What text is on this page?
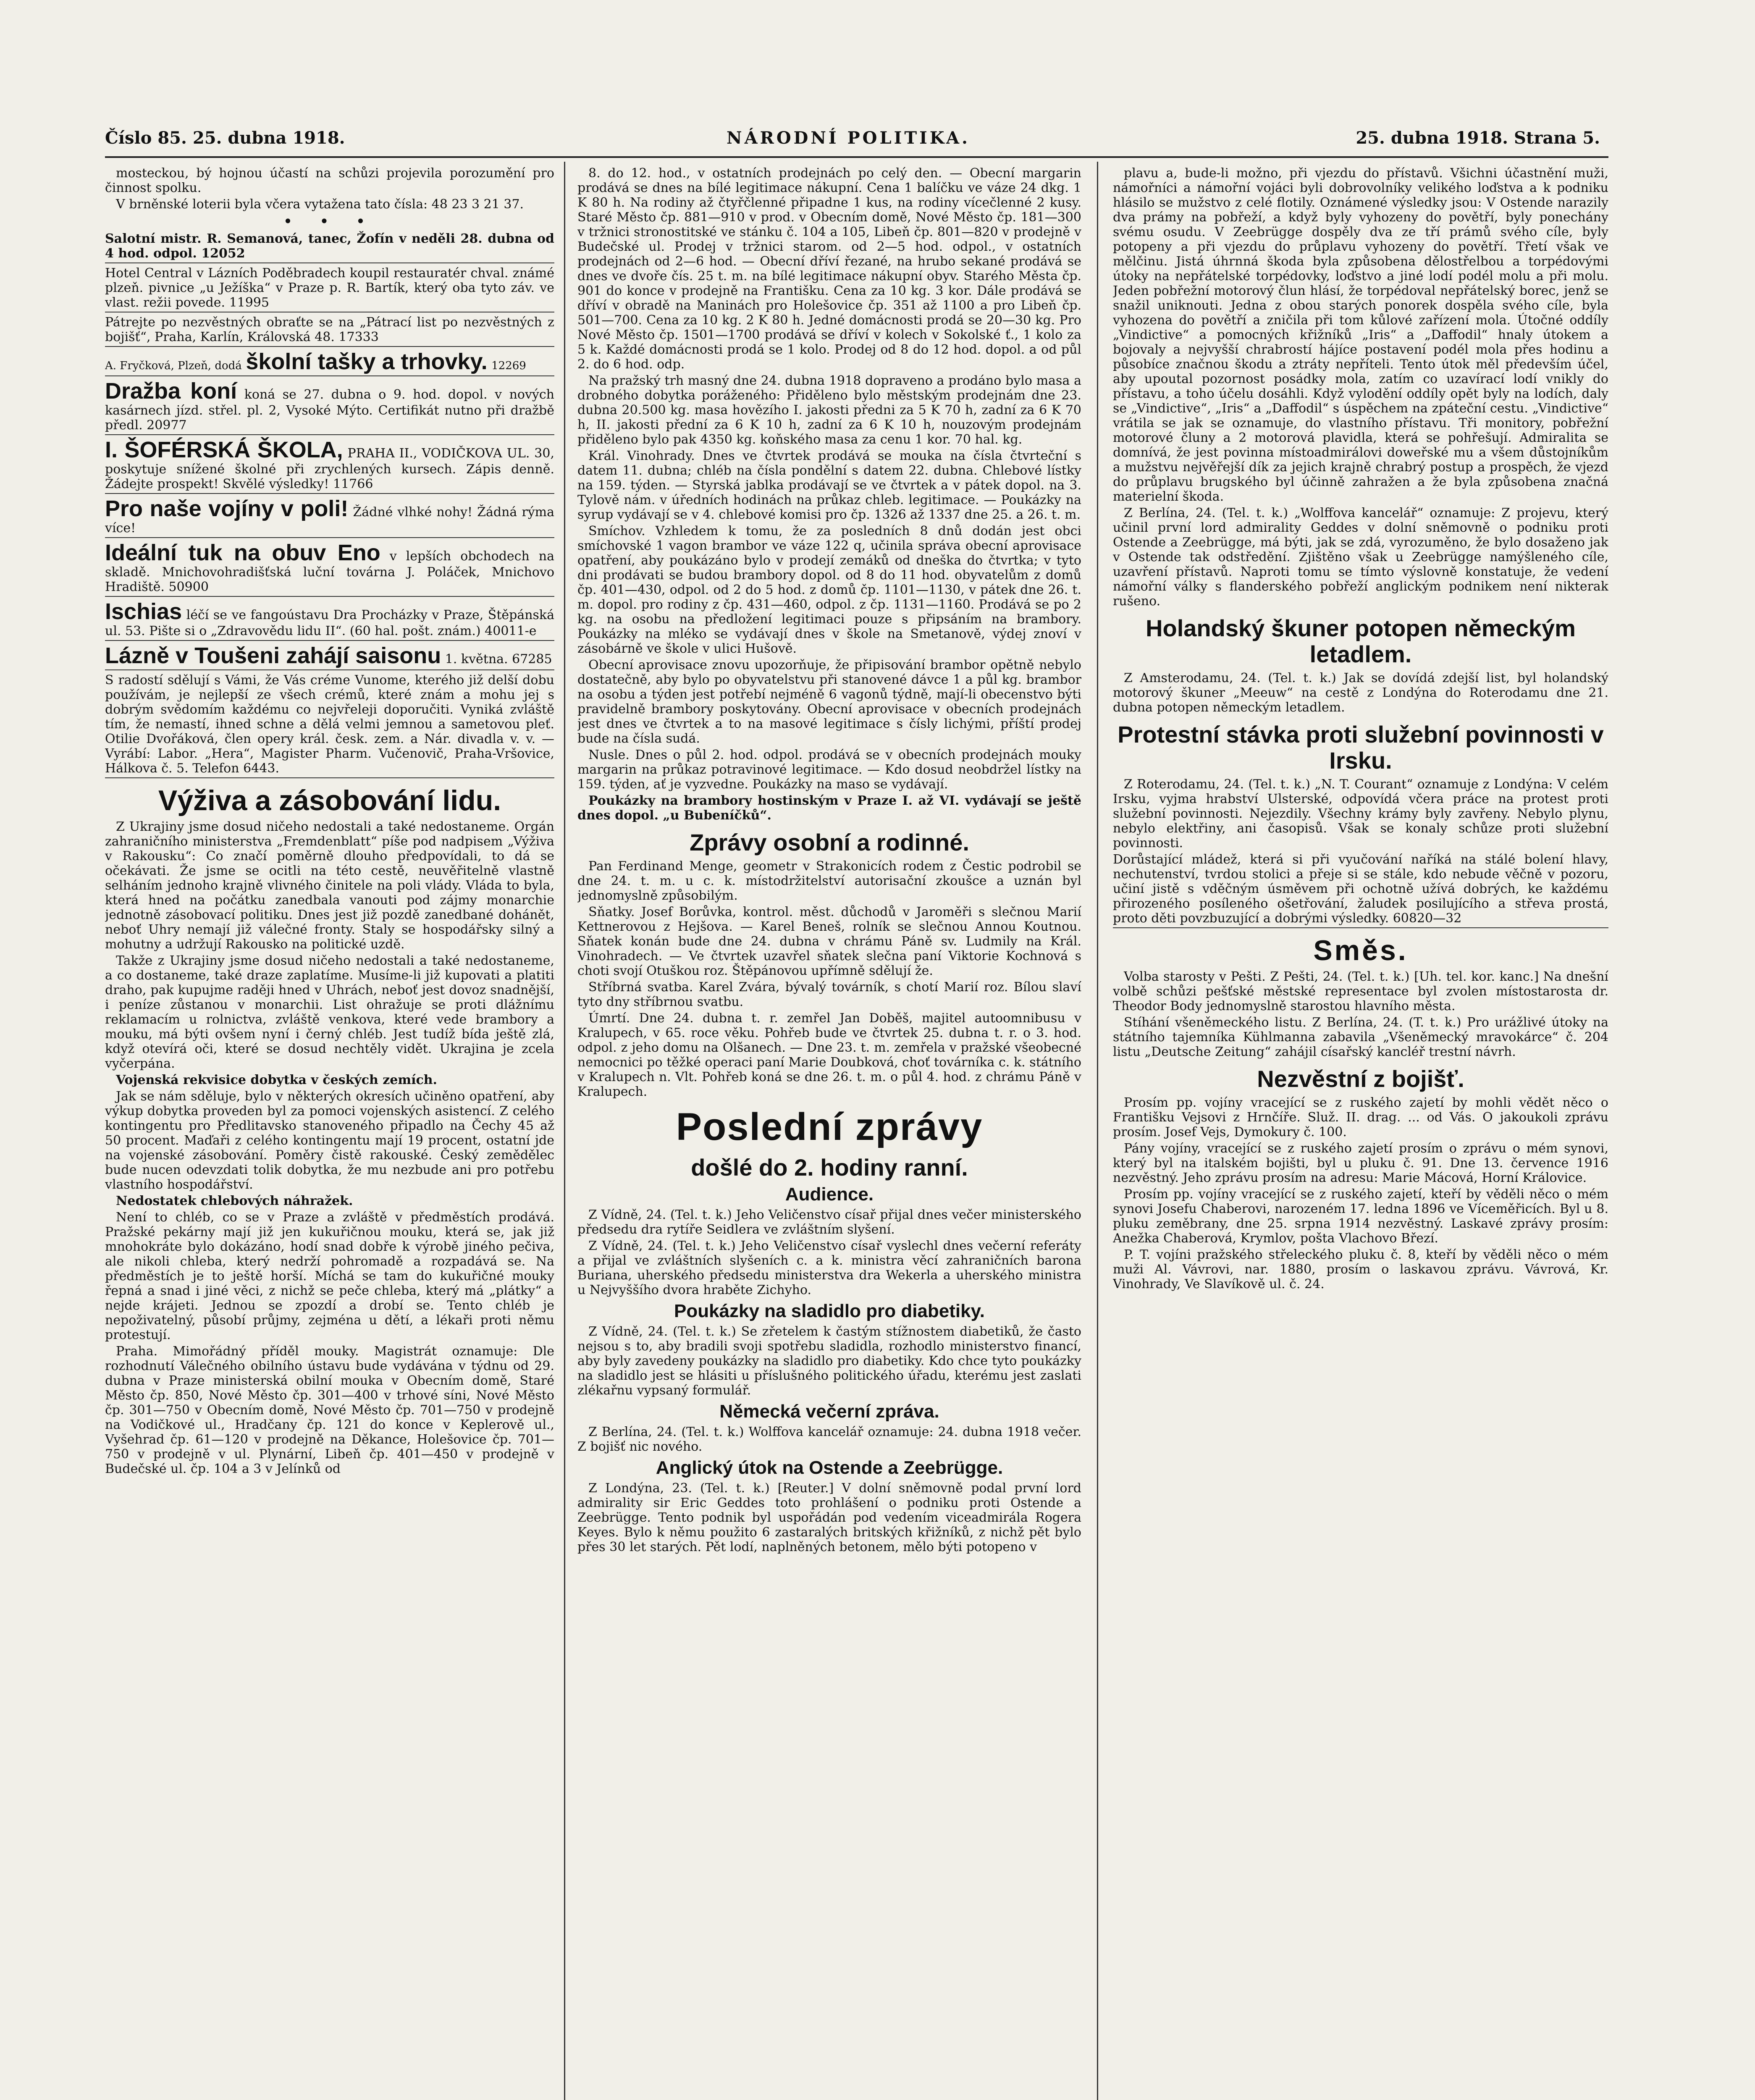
Číslo 85. 25. dubna 1918.	NÁRODNÍ POLITIKA.	25. dubna 1918. Strana 5.

mosteckou, bý hojnou účastí na schůzi projevila porozumění pro činnost spolku.

V brněnské loterii byla včera vytažena tato čísla: 48 23 3 21 37.

• • •

Salotní mistr. R. Semanová, tanec, Žofín v neděli 28. dubna od 4 hod. odpol. 12052

Hotel Central v Lázních Poděbradech koupil restauratér chval. známé plzeň. pivnice „u Ježíška“ v Praze p. R. Bartík, který oba tyto záv. ve vlast. režii povede. 11995

Pátrejte po nezvěstných obraťte se na „Pátrací list po nezvěstných z bojišť“, Praha, Karlín, Královská 48. 17333

A. Fryčková, Plzeň, dodá školní tašky a trhovky. 12269

Dražba koní koná se 27. dubna o 9. hod. dopol. v nových kasárnech jízd. střel. pl. 2, Vysoké Mýto. Certifikát nutno při dražbě předl. 20977

I. ŠOFÉRSKÁ ŠKOLA, PRAHA II., VODIČKOVA UL. 30, poskytuje snížené školné při zrychlených kursech. Zápis denně. Žádejte prospekt! Skvělé výsledky! 11766

Pro naše vojíny v poli! Žádné vlhké nohy! Žádná rýma více!

Ideální tuk na obuv Eno v lepších obchodech na skladě. Mnichovohradišťská luční továrna J. Poláček, Mnichovo Hradiště. 50900

Ischias léčí se ve fangoústavu Dra Procházky v Praze, Štěpánská ul. 53. Pište si o „Zdravovědu lidu II“. (60 hal. pošt. znám.) 40011-e

Lázně v Toušeni zahájí saisonu 1. května. 67285

S radostí sdělují s Vámi, že Vás créme Vunome, kterého již delší dobu používám, je nejlepší ze všech crémů, které znám a mohu jej s dobrým svědomím každému co nejvřeleji doporučiti. Vyniká zvláště tím, že nemastí, ihned schne a dělá velmi jemnou a sametovou pleť. Otilie Dvořáková, člen opery král. česk. zem. a Nár. divadla v. v. — Vyrábí: Labor. „Hera“, Magister Pharm. Vučenovič, Praha-Vršovice, Hálkova č. 5. Telefon 6443.

Výživa a zásobování lidu.

Z Ukrajiny jsme dosud ničeho nedostali a také nedostaneme. Orgán zahraničního ministerstva „Fremdenblatt“ píše pod nadpisem „Výživa v Rakousku“: Co značí poměrně dlouho předpovídali, to dá se očekávati. Že jsme se ocitli na této cestě, neuvěřitelně vlastně selháním jednoho krajně vlivného činitele na poli vlády. Vláda to byla, která hned na počátku zanedbala vanouti pod zájmy monarchie jednotně zásobovací politiku. Dnes jest již pozdě zanedbané dohánět, neboť Uhry nemají již válečné fronty. Staly se hospodářsky silný a mohutny a udržují Rakousko na politické uzdě.

Takže z Ukrajiny jsme dosud ničeho nedostali a také nedostaneme, a co dostaneme, také draze zaplatíme. Musíme-li již kupovati a platiti draho, pak kupujme raději hned v Uhrách, neboť jest dovoz snadnější, i peníze zůstanou v monarchii. List ohražuje se proti dlážnímu reklamacím u rolnictva, zvláště venkova, které vede brambory a mouku, má býti ovšem nyní i černý chléb. Jest tudíž bída ještě zlá, když otevírá oči, které se dosud nechtěly vidět. Ukrajina je zcela vyčerpána.

Vojenská rekvisice dobytka v českých zemích.

Jak se nám sděluje, bylo v některých okresích učiněno opatření, aby výkup dobytka proveden byl za pomoci vojenských asistencí. Z celého kontingentu pro Předlitavsko stanoveného připadlo na Čechy 45 až 50 procent. Maďaři z celého kontingentu mají 19 procent, ostatní jde na vojenské zásobování. Poměry čistě rakouské. Český zemědělec bude nucen odevzdati tolik dobytka, že mu nezbude ani pro potřebu vlastního hospodářství.

Nedostatek chlebových náhražek.

Není to chléb, co se v Praze a zvláště v předměstích prodává. Pražské pekárny mají již jen kukuřičnou mouku, která se, jak již mnohokráte bylo dokázáno, hodí snad dobře k výrobě jiného pečiva, ale nikoli chleba, který nedrží pohromadě a rozpadává se. Na předměstích je to ještě horší. Míchá se tam do kukuřičné mouky řepná a snad i jiné věci, z nichž se peče chleba, který má „plátky“ a nejde krájeti. Jednou se zpozdí a drobí se. Tento chléb je nepoživatelný, působí průjmy, zejména u dětí, a lékaři proti němu protestují.

Praha. Mimořádný příděl mouky. Magistrát oznamuje: Dle rozhodnutí Válečného obilního ústavu bude vydávána v týdnu od 29. dubna v Praze ministerská obilní mouka v Obecním domě, Staré Město čp. 850, Nové Město čp. 301—400 v trhové síni, Nové Město čp. 301—750 v Obecním domě, Nové Město čp. 701—750 v prodejně na Vodičkové ul., Hradčany čp. 121 do konce v Keplerově ul., Vyšehrad čp. 61—120 v prodejně na Děkance, Holešovice čp. 701—750 v prodejně v ul. Plynární, Libeň čp. 401—450 v prodejně v Budečské ul. čp. 104 a 3 v Jelínků od

8. do 12. hod., v ostatních prodejnách po celý den. — Obecní margarin prodává se dnes na bílé legitimace nákupní. Cena 1 balíčku ve váze 24 dkg. 1 K 80 h. Na rodiny až čtyřčlenné připadne 1 kus, na rodiny vícečlenné 2 kusy. Staré Město čp. 881—910 v prod. v Obecním domě, Nové Město čp. 181—300 v tržnici stronostitské ve stánku č. 104 a 105, Libeň čp. 801—820 v prodejně v Budečské ul. Prodej v tržnici starom. od 2—5 hod. odpol., v ostatních prodejnách od 2—6 hod. — Obecní dříví řezané, na hrubo sekané prodává se dnes ve dvoře čís. 25 t. m. na bílé legitimace nákupní obyv. Starého Města čp. 901 do konce v prodejně na Františku. Cena za 10 kg. 3 kor. Dále prodává se dříví v obradě na Maninách pro Holešovice čp. 351 až 1100 a pro Libeň čp. 501—700. Cena za 10 kg. 2 K 80 h. Jedné domácnosti prodá se 20—30 kg. Pro Nové Město čp. 1501—1700 prodává se dříví v kolech v Sokolské ť., 1 kolo za 5 k. Každé domácnosti prodá se 1 kolo. Prodej od 8 do 12 hod. dopol. a od půl 2. do 6 hod. odp.

Na pražský trh masný dne 24. dubna 1918 dopraveno a prodáno bylo masa a drobného dobytka poráženého: Přiděleno bylo městským prodejnám dne 23. dubna 20.500 kg. masa hovězího I. jakosti předni za 5 K 70 h, zadní za 6 K 70 h, II. jakosti přední za 6 K 10 h, zadní za 6 K 10 h, nouzovým prodejnám přiděleno bylo pak 4350 kg. koňského masa za cenu 1 kor. 70 hal. kg.

Král. Vinohrady. Dnes ve čtvrtek prodává se mouka na čísla čtvrteční s datem 11. dubna; chléb na čísla pondělní s datem 22. dubna. Chlebové lístky na 159. týden. — Styrská jablka prodávají se ve čtvrtek a v pátek dopol. na 3. Tylově nám. v úředních hodinách na průkaz chleb. legitimace. — Poukázky na syrup vydávají se v 4. chlebové komisi pro čp. 1326 až 1337 dne 25. a 26. t. m.

Smíchov. Vzhledem k tomu, že za posledních 8 dnů dodán jest obci smíchovské 1 vagon brambor ve váze 122 q, učinila správa obecní aprovisace opatření, aby poukázáno bylo v prodejí zemáků od dneška do čtvrtka; v tyto dni prodávati se budou brambory dopol. od 8 do 11 hod. obyvatelům z domů čp. 401—430, odpol. od 2 do 5 hod. z domů čp. 1101—1130, v pátek dne 26. t. m. dopol. pro rodiny z čp. 431—460, odpol. z čp. 1131—1160. Prodává se po 2 kg. na osobu na předložení legitimaci pouze s připsáním na brambory. Poukázky na mléko se vydávají dnes v škole na Smetanově, výdej znoví v zásobárně ve škole v ulici Hušově.

Obecní aprovisace znovu upozorňuje, že připisování brambor opětně nebylo dostatečně, aby bylo po obyvatelstvu při stanovené dávce 1 a půl kg. brambor na osobu a týden jest potřebí nejméně 6 vagonů týdně, mají-li obecenstvo býti pravidelně brambory poskytovány. Obecní aprovisace v obecních prodejnách jest dnes ve čtvrtek a to na masové legitimace s čísly lichými, příští prodej bude na čísla sudá.

Nusle. Dnes o půl 2. hod. odpol. prodává se v obecních prodejnách mouky margarin na průkaz potravinové legitimace. — Kdo dosud neobdržel lístky na 159. týden, ať je vyzvedne. Poukázky na maso se vydávají.

Poukázky na brambory hostinským v Praze I. až VI. vydávají se ještě dnes dopol. „u Bubeníčků“.

Zprávy osobní a rodinné.

Pan Ferdinand Menge, geometr v Strakonicích rodem z Čestic podrobil se dne 24. t. m. u c. k. místodržitelství autorisační zkoušce a uznán byl jednomyslně způsobilým.

Sňatky. Josef Borůvka, kontrol. měst. důchodů v Jaroměři s slečnou Marií Kettnerovou z Hejšova. — Karel Beneš, rolník se slečnou Annou Koutnou. Sňatek konán bude dne 24. dubna v chrámu Páně sv. Ludmily na Král. Vinohradech. — Ve čtvrtek uzavřel sňatek slečna paní Viktorie Kochnová s choti svojí Otuškou roz. Štěpánovou upřímně sdělují že.

Stříbrná svatba. Karel Zvára, bývalý továrník, s chotí Marií roz. Bílou slaví tyto dny stříbrnou svatbu.

Úmrtí. Dne 24. dubna t. r. zemřel Jan Doběš, majitel autoomnibusu v Kralupech, v 65. roce věku. Pohřeb bude ve čtvrtek 25. dubna t. r. o 3. hod. odpol. z jeho domu na Olšanech. — Dne 23. t. m. zemřela v pražské všeobecné nemocnici po těžké operaci paní Marie Doubková, choť továrníka c. k. státního v Kralupech n. Vlt. Pohřeb koná se dne 26. t. m. o půl 4. hod. z chrámu Páně v Kralupech.

Poslední zprávy
došlé do 2. hodiny ranní.
Audience.

Z Vídně, 24. (Tel. t. k.) Jeho Veličenstvo císař přijal dnes večer ministerského předsedu dra rytíře Seidlera ve zvláštním slyšení.

Z Vídně, 24. (Tel. t. k.) Jeho Veličenstvo císař vyslechl dnes večerní referáty a přijal ve zvláštních slyšeních c. a k. ministra věcí zahraničních barona Buriana, uherského předsedu ministerstva dra Wekerla a uherského ministra u Nejvyššího dvora hraběte Zichyho.

Poukázky na sladidlo pro diabetiky.

Z Vídně, 24. (Tel. t. k.) Se zřetelem k častým stížnostem diabetiků, že často nejsou s to, aby bradili svoji spotřebu sladidla, rozhodlo ministerstvo financí, aby byly zavedeny poukázky na sladidlo pro diabetiky. Kdo chce tyto poukázky na sladidlo jest se hlásiti u příslušného politického úřadu, kterému jest zaslati zlékařnu vypsaný formulář.

Německá večerní zpráva.

Z Berlína, 24. (Tel. t. k.) Wolffova kancelář oznamuje: 24. dubna 1918 večer. Z bojišť nic nového.

Anglický útok na Ostende a Zeebrügge.

Z Londýna, 23. (Tel. t. k.) [Reuter.] V dolní sněmovně podal první lord admirality sir Eric Geddes toto prohlášení o podniku proti Ostende a Zeebrügge. Tento podnik byl uspořádán pod vedením viceadmirála Rogera Keyes. Bylo k němu použito 6 zastaralých britských křižníků, z nichž pět bylo přes 30 let starých. Pět lodí, naplněných betonem, mělo býti potopeno v

plavu a, bude-li možno, při vjezdu do přístavů. Všichni účastnění muži, námořníci a námořní vojáci byli dobrovolníky velikého loďstva a k podniku hlásilo se mužstvo z celé flotily. Oznámené výsledky jsou: V Ostende narazily dva prámy na pobřeží, a když byly vyhozeny do povětří, byly ponechány svému osudu. V Zeebrügge dospěly dva ze tří prámů svého cíle, byly potopeny a při vjezdu do průplavu vyhozeny do povětří. Třetí však ve mělčinu. Jistá úhrnná škoda byla způsobena dělostřelbou a torpédovými útoky na nepřátelské torpédovky, loďstvo a jiné lodí podél molu a při molu. Jeden pobřežní motorový člun hlásí, že torpédoval nepřátelský borec, jenž se snažil uniknouti. Jedna z obou starých ponorek dospěla svého cíle, byla vyhozena do povětří a zničila při tom kůlové zařízení mola. Útočné oddíly „Vindictive“ a pomocných křižníků „Iris“ a „Daffodil“ hnaly útokem a bojovaly a nejvyšší chrabrostí hájíce postavení podél mola přes hodinu a působíce značnou škodu a ztráty nepříteli. Tento útok měl především účel, aby upoutal pozornost posádky mola, zatím co uzavírací lodí vnikly do přístavu, a toho účelu dosáhli. Když vylodění oddíly opět byly na lodích, daly se „Vindictive“, „Iris“ a „Daffodil“ s úspěchem na zpáteční cestu. „Vindictive“ vrátila se jak se oznamuje, do vlastního přístavu. Tři monitory, pobřežní motorové čluny a 2 motorová plavidla, která se pohřešují. Admiralita se domnívá, že jest povinna místoadmirálovi doweřské mu a všem důstojníkům a mužstvu nejvěřejší dík za jejich krajně chrabrý postup a prospěch, že vjezd do průplavu brugského byl účinně zahražen a že byla způsobena značná materielní škoda.

Z Berlína, 24. (Tel. t. k.) „Wolffova kancelář“ oznamuje: Z projevu, který učinil první lord admirality Geddes v dolní sněmovně o podniku proti Ostende a Zeebrügge, má býti, jak se zdá, vyrozuměno, že bylo dosaženo jak v Ostende tak odstředění. Zjištěno však u Zeebrügge namýšleného cíle, uzavření přístavů. Naproti tomu se tímto výslovně konstatuje, že vedení námořní války s flanderského pobřeží anglickým podnikem není nikterak rušeno.

Holandský škuner potopen německým letadlem.

Z Amsterodamu, 24. (Tel. t. k.) Jak se dovídá zdejší list, byl holandský motorový škuner „Meeuw“ na cestě z Londýna do Roterodamu dne 21. dubna potopen německým letadlem.

Protestní stávka proti služební povinnosti v Irsku.

Z Roterodamu, 24. (Tel. t. k.) „N. T. Courant“ oznamuje z Londýna: V celém Irsku, vyjma hrabství Ulsterské, odpovídá včera práce na protest proti služební povinnosti. Nejezdily. Všechny krámy byly zavřeny. Nebylo plynu, nebylo elektřiny, ani časopisů. Však se konaly schůze proti služební povinnosti.

Dorůstající mládež, která si při vyučování naříká na stálé bolení hlavy, nechutenství, tvrdou stolici a přeje si se stále, kdo nebude věčně v pozoru, učiní jistě s vděčným úsměvem při ochotně užívá dobrých, ke každému přirozeného posíleného ošetřování, žaludek posilujícího a střeva prostá, proto děti povzbuzující a dobrými výsledky. 60820—32

Směs.

Volba starosty v Pešti. Z Pešti, 24. (Tel. t. k.) [Uh. tel. kor. kanc.] Na dnešní volbě schůzi pešťské městské representace byl zvolen místostarosta dr. Theodor Body jednomyslně starostou hlavního města.

Stíhání všeněmeckého listu. Z Berlína, 24. (T. t. k.) Pro urážlivé útoky na státního tajemníka Kühlmanna zabavila „Všeněmecký mravokárce“ č. 204 listu „Deutsche Zeitung“ zahájil císařský kancléř trestní návrh.

Nezvěstní z bojišť.

Prosím pp. vojíny vracející se z ruského zajetí by mohli vědět něco o Františku Vejsovi z Hrnčíře. Služ. II. drag. ... od Vás. O jakoukoli zprávu prosím. Josef Vejs, Dymokury č. 100.

Pány vojíny, vracející se z ruského zajetí prosím o zprávu o mém synovi, který byl na italském bojišti, byl u pluku č. 91. Dne 13. července 1916 nezvěstný. Jeho zprávu prosím na adresu: Marie Mácová, Horní Královice.

Prosím pp. vojíny vracející se z ruského zajetí, kteří by věděli něco o mém synovi Josefu Chaberovi, narozeném 17. ledna 1896 ve Víceměřicích. Byl u 8. pluku zeměbrany, dne 25. srpna 1914 nezvěstný. Laskavé zprávy prosím: Anežka Chaberová, Krymlov, pošta Vlachovo Březí.

P. T. vojíni pražského střeleckého pluku č. 8, kteří by věděli něco o mém muži Al. Vávrovi, nar. 1880, prosím o laskavou zprávu. Vávrová, Kr. Vinohrady, Ve Slavíkově ul. č. 24.
